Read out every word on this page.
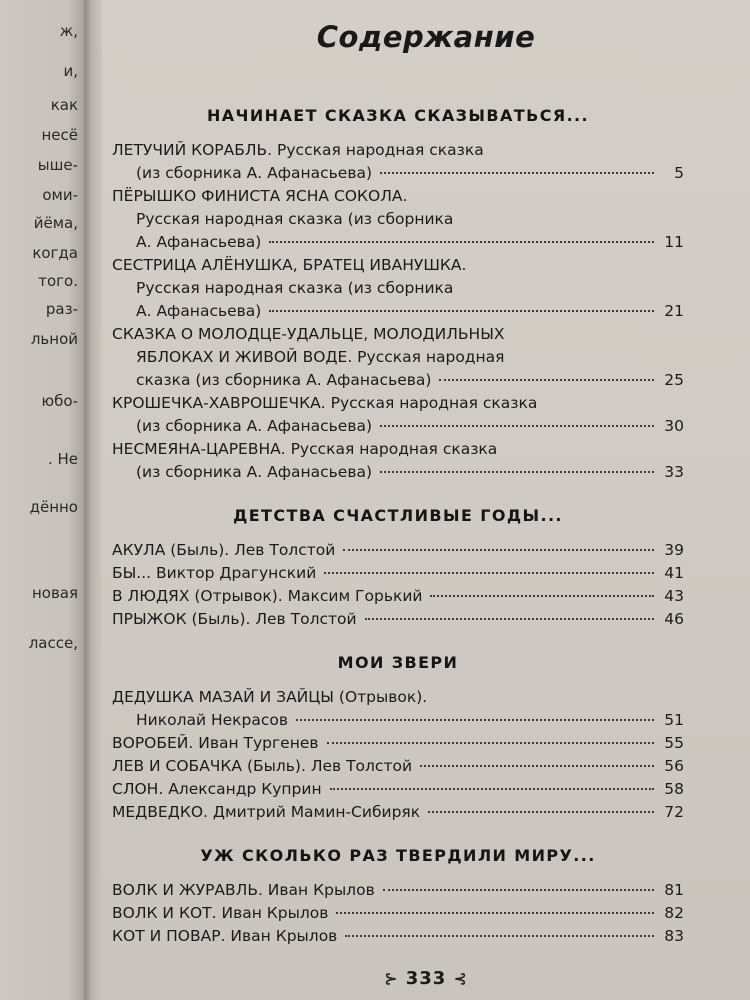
ж,
и,
как
несё
ыше-
оми-
йёма,
когда
того.
раз-
льной
юбо-
. Не
дённо
новая
лассе,
Содержание
НАЧИНАЕТ СКАЗКА СКАЗЫВАТЬСЯ...
ЛЕТУЧИЙ КОРАБЛЬ. Русская народная сказка
(из сборника А. Афанасьева)	5
ПЁРЫШКО ФИНИСТА ЯСНА СОКОЛА.
Русская народная сказка (из сборника
А. Афанасьева)	11
СЕСТРИЦА АЛЁНУШКА, БРАТЕЦ ИВАНУШКА.
Русская народная сказка (из сборника
А. Афанасьева)	21
СКАЗКА О МОЛОДЦЕ-УДАЛЬЦЕ, МОЛОДИЛЬНЫХ
ЯБЛОКАХ И ЖИВОЙ ВОДЕ. Русская народная
сказка (из сборника А. Афанасьева)	25
КРОШЕЧКА-ХАВРОШЕЧКА. Русская народная сказка
(из сборника А. Афанасьева)	30
НЕСМЕЯНА-ЦАРЕВНА. Русская народная сказка
(из сборника А. Афанасьева)	33
ДЕТСТВА СЧАСТЛИВЫЕ ГОДЫ...
АКУЛА (Быль). Лев Толстой	39
БЫ... Виктор Драгунский	41
В ЛЮДЯХ (Отрывок). Максим Горький	43
ПРЫЖОК (Быль). Лев Толстой	46
МОИ ЗВЕРИ
ДЕДУШКА МАЗАЙ И ЗАЙЦЫ (Отрывок).
Николай Некрасов	51
ВОРОБЕЙ. Иван Тургенев	55
ЛЕВ И СОБАЧКА (Быль). Лев Толстой	56
СЛОН. Александр Куприн	58
МЕДВЕДКО. Дмитрий Мамин-Сибиряк	72
УЖ СКОЛЬКО РАЗ ТВЕРДИЛИ МИРУ...
ВОЛК И ЖУРАВЛЬ. Иван Крылов	81
ВОЛК И КОТ. Иван Крылов	82
КОТ И ПОВАР. Иван Крылов	83
⊱ 333 ⊰
